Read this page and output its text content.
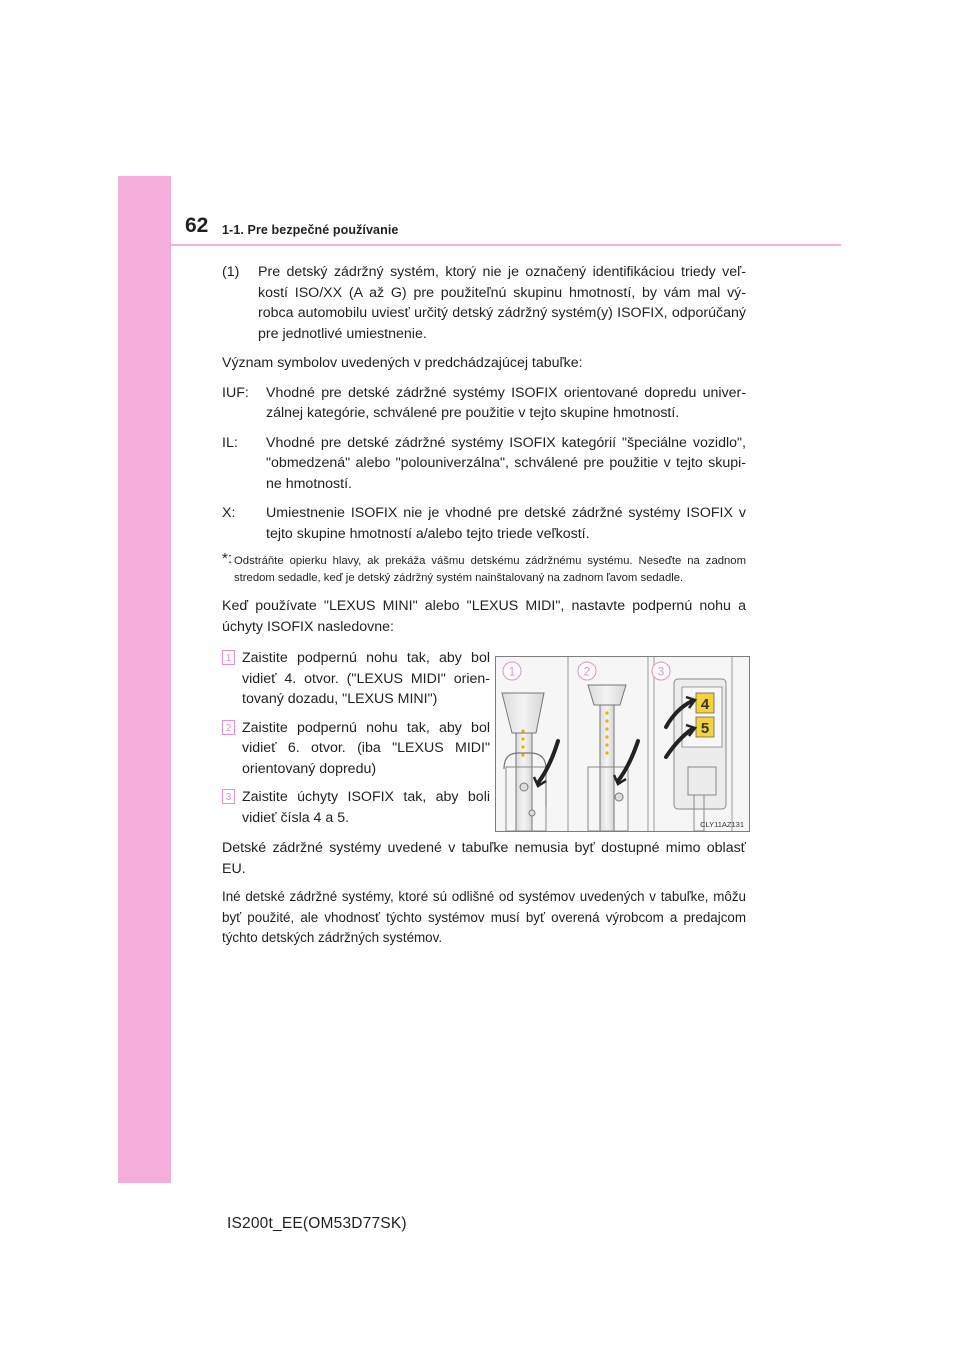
62 1-1. Pre bezpečné používanie
(1) Pre detský zádržný systém, ktorý nie je označený identifikáciou triedy veľ-kostí ISO/XX (A až G) pre použiteľnú skupinu hmotností, by vám mal vý-robca automobilu uviesť určitý detský zádržný systém(y) ISOFIX, odporúčaný pre jednotlivé umiestnenie.

Význam symbolov uvedených v predchádzajúcej tabuľke:

IUF: Vhodné pre detské zádržné systémy ISOFIX orientované dopredu univer-zálnej kategórie, schválené pre použitie v tejto skupine hmotností.
IL: Vhodné pre detské zádržné systémy ISOFIX kategórií "špeciálne vozidlo", "obmedzená" alebo "polouniverzálna", schválené pre použitie v tejto skupi-ne hmotností.
X: Umiestnenie ISOFIX nie je vhodné pre detské zádržné systémy ISOFIX v tejto skupine hmotností a/alebo tejto triede veľkostí.
*: Odstráňte opierku hlavy, ak prekáža vášmu detskému zádržnému systému. Neseďte na zadnom stredom sedadle, keď je detský zádržný systém nainštalovaný na zadnom ľavom sedadle.

Keď používate "LEXUS MINI" alebo "LEXUS MIDI", nastavte podpernú nohu a úchyty ISOFIX nasledovne:

1 Zaistite podpernú nohu tak, aby bol vidieť 4. otvor. ("LEXUS MIDI" orien-tovaný dozadu, "LEXUS MINI")
2 Zaistite podpernú nohu tak, aby bol vidieť 6. otvor. (iba "LEXUS MIDI" orientovaný dopredu)
3 Zaistite úchyty ISOFIX tak, aby boli vidieť čísla 4 a 5.

Detské zádržné systémy uvedené v tabuľke nemusia byť dostupné mimo oblasť EU.

Iné detské zádržné systémy, ktoré sú odlišné od systémov uvedených v tabuľke, môžu byť použité, ale vhodnosť týchto systémov musí byť overená výrobcom a predajcom týchto detských zádržných systémov.

1	2
4
5
3
CLY11AZ131
IS200t_EE(OM53D77SK)
